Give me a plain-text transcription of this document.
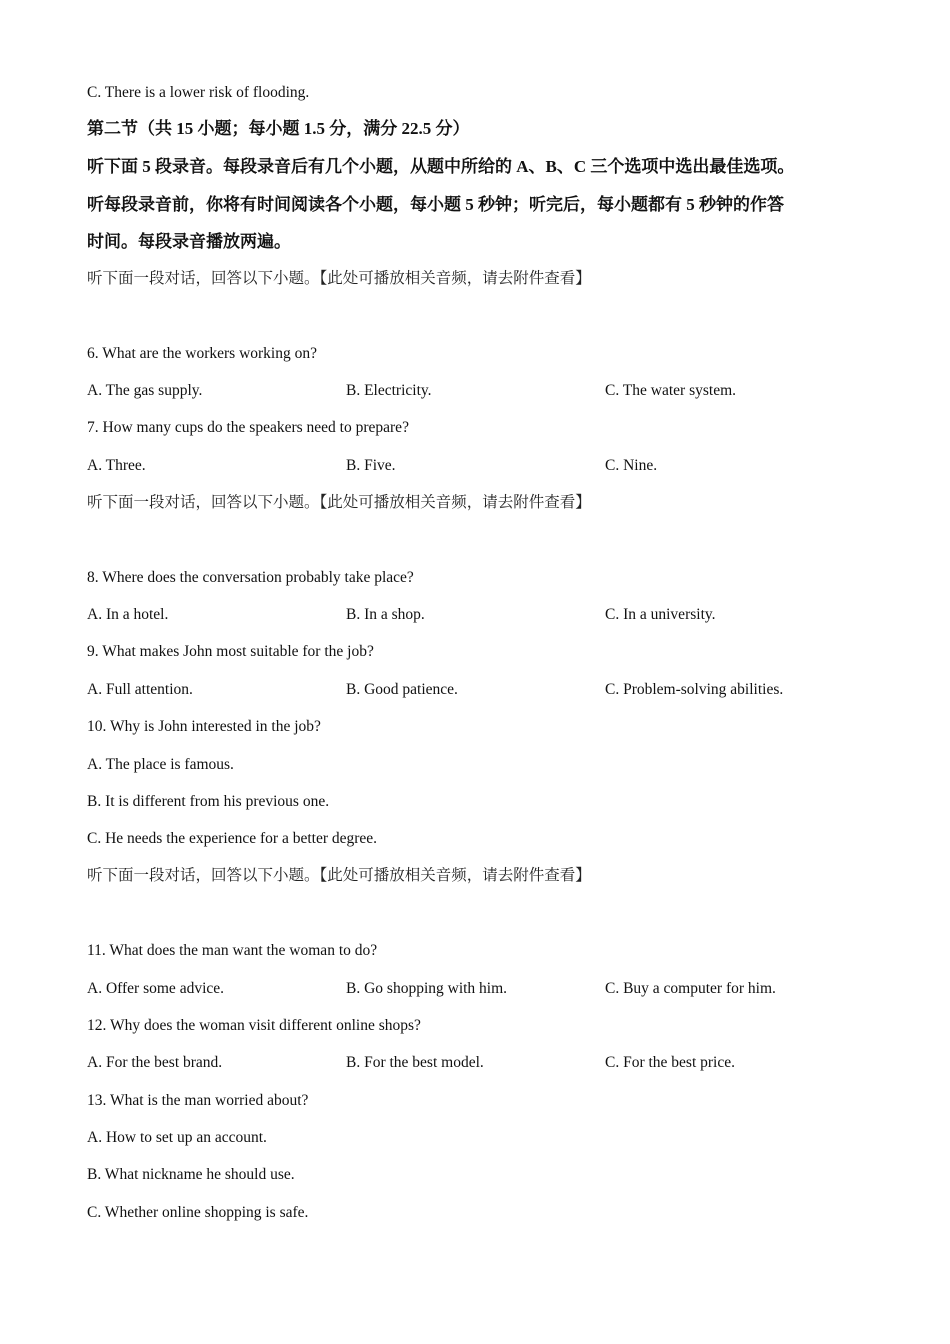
C. There is a lower risk of flooding.
第二节（共 15 小题；每小题 1.5 分，满分 22.5 分）
听下面 5 段录音。每段录音后有几个小题，从题中所给的 A、B、C 三个选项中选出最佳选项。
听每段录音前，你将有时间阅读各个小题，每小题 5 秒钟；听完后，每小题都有 5 秒钟的作答
时间。每段录音播放两遍。
听下面一段对话，回答以下小题。【此处可播放相关音频，请去附件查看】
6. What are the workers working on?
A. The gas supply.	B. Electricity.	C. The water system.
7. How many cups do the speakers need to prepare?
A. Three.	B. Five.	C. Nine.
听下面一段对话，回答以下小题。【此处可播放相关音频，请去附件查看】
8. Where does the conversation probably take place?
A. In a hotel.	B. In a shop.	C. In a university.
9. What makes John most suitable for the job?
A. Full attention.	B. Good patience.	C. Problem-solving abilities.
10. Why is John interested in the job?
A. The place is famous.
B. It is different from his previous one.
C. He needs the experience for a better degree.
听下面一段对话，回答以下小题。【此处可播放相关音频，请去附件查看】
11. What does the man want the woman to do?
A. Offer some advice.	B. Go shopping with him.	C. Buy a computer for him.
12. Why does the woman visit different online shops?
A. For the best brand.	B. For the best model.	C. For the best price.
13. What is the man worried about?
A. How to set up an account.
B. What nickname he should use.
C. Whether online shopping is safe.
